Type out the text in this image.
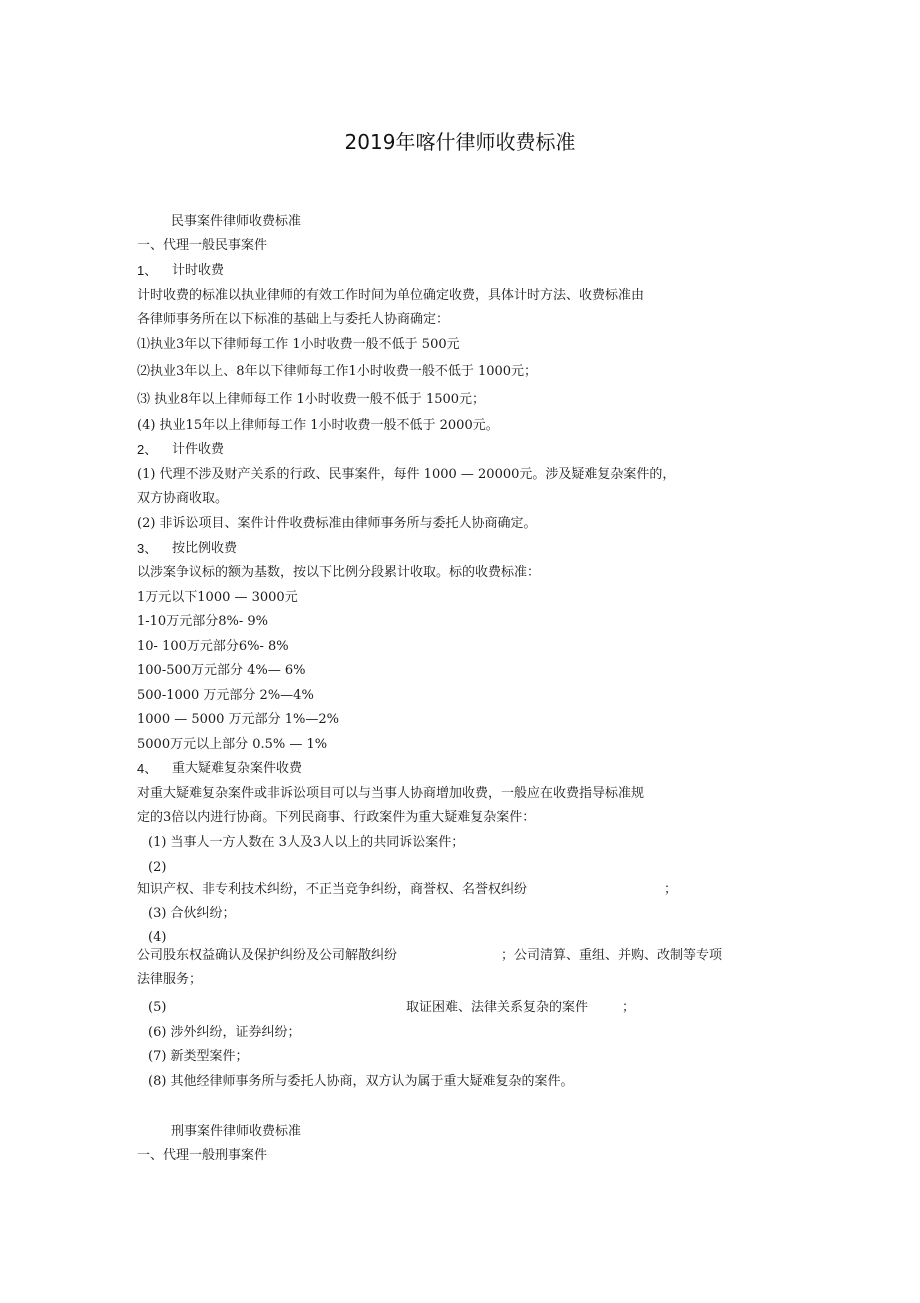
2019年喀什律师收费标准
民事案件律师收费标准
一、代理一般民事案件
1、 计时收费
计时收费的标准以执业律师的有效工作时间为单位确定收费，具体计时方法、收费标准由
各律师事务所在以下标准的基础上与委托人协商确定：
⑴执业3年以下律师每工作 1小时收费一般不低于 500元
⑵执业3年以上、8年以下律师每工作1小时收费一般不低于 1000元；
⑶ 执业8年以上律师每工作 1小时收费一般不低于 1500元；
(4) 执业15年以上律师每工作 1小时收费一般不低于 2000元。
2、 计件收费
(1) 代理不涉及财产关系的行政、民事案件，每件 1000 — 20000元。涉及疑难复杂案件的，
双方协商收取。
(2) 非诉讼项目、案件计件收费标准由律师事务所与委托人协商确定。
3、 按比例收费
以涉案争议标的额为基数，按以下比例分段累计收取。标的收费标准：
1万元以下1000 — 3000元
1-10万元部分8%- 9%
10- 100万元部分6%- 8%
100-500万元部分 4%— 6%
500-1000 万元部分 2%—4%
1000 — 5000 万元部分 1%—2%
5000万元以上部分 0.5% — 1%
4、 重大疑难复杂案件收费
对重大疑难复杂案件或非诉讼项目可以与当事人协商增加收费，一般应在收费指导标准规
定的3倍以内进行协商。下列民商事、行政案件为重大疑难复杂案件：
(1) 当事人一方人数在 3人及3人以上的共同诉讼案件；
(2)
知识产权、非专利技术纠纷，不正当竞争纠纷，商誉权、名誉权纠纷	；
(3) 合伙纠纷；
(4)
公司股东权益确认及保护纠纷及公司解散纠纷	；公司清算、重组、并购、改制等专项
法律服务；
(5)	取证困难、法律关系复杂的案件	；
(6) 涉外纠纷，证券纠纷；
(7) 新类型案件；
(8) 其他经律师事务所与委托人协商，双方认为属于重大疑难复杂的案件。
刑事案件律师收费标准
一、代理一般刑事案件
